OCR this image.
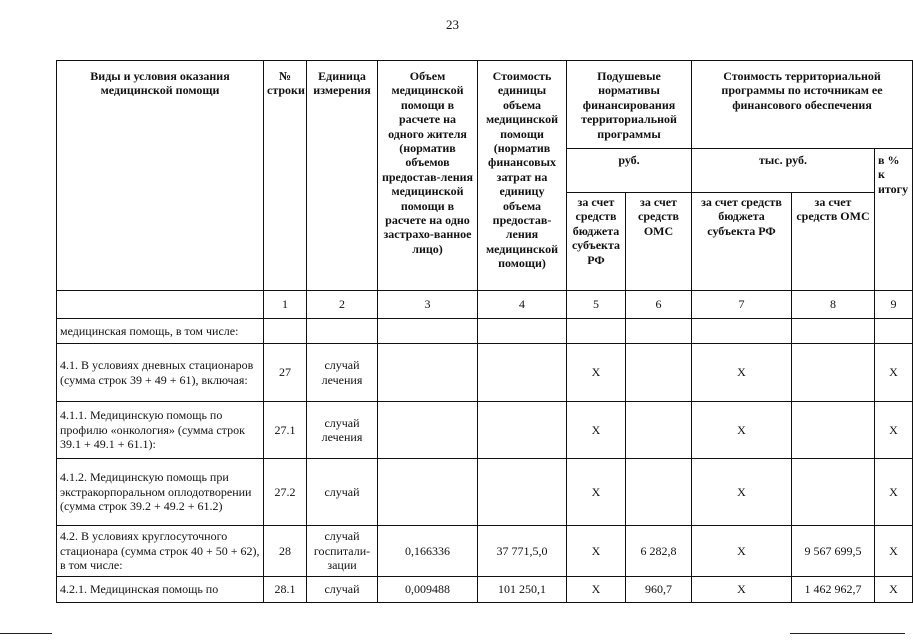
23
Виды и условия оказания медицинской помощи	№ строки	Единица измерения	Объем медицинской помощи в расчете на одного жителя (норматив объемов предостав-ления медицинской помощи в расчете на одно застрахо-ванное лицо)	Стоимость единицы объема медицинской помощи (норматив финансовых затрат на единицу объема предостав-ления медицинской помощи)	Подушевые нормативы финансирования территориальной программы		Стоимость территориальной программы по источникам ее финансового обеспечения		
					руб.		тыс. руб.		в % к итогу
					за счет средств бюджета субъекта РФ	за счет средств ОМС	за счет средств бюджета субъекта РФ	за счет средств ОМС	
	1	2	3	4	5	6	7	8	9
медицинская помощь, в том числе:									
4.1. В условиях дневных стационаров (сумма строк 39 + 49 + 61), включая:	27	случай лечения			Х		Х		Х
4.1.1. Медицинскую помощь по профилю «онкология» (сумма строк 39.1 + 49.1 + 61.1):	27.1	случай лечения			Х		Х		Х
4.1.2. Медицинскую помощь при экстракорпоральном оплодотворении (сумма строк 39.2 + 49.2 + 61.2)	27.2	случай			Х		Х		Х
4.2. В условиях круглосуточного стационара (сумма строк 40 + 50 + 62), в том числе:	28	случай госпитали-зации	0,166336	37 771,5,0	Х	6 282,8	Х	9 567 699,5	Х
4.2.1. Медицинская помощь по	28.1	случай	0,009488	101 250,1	Х	960,7	Х	1 462 962,7	Х
